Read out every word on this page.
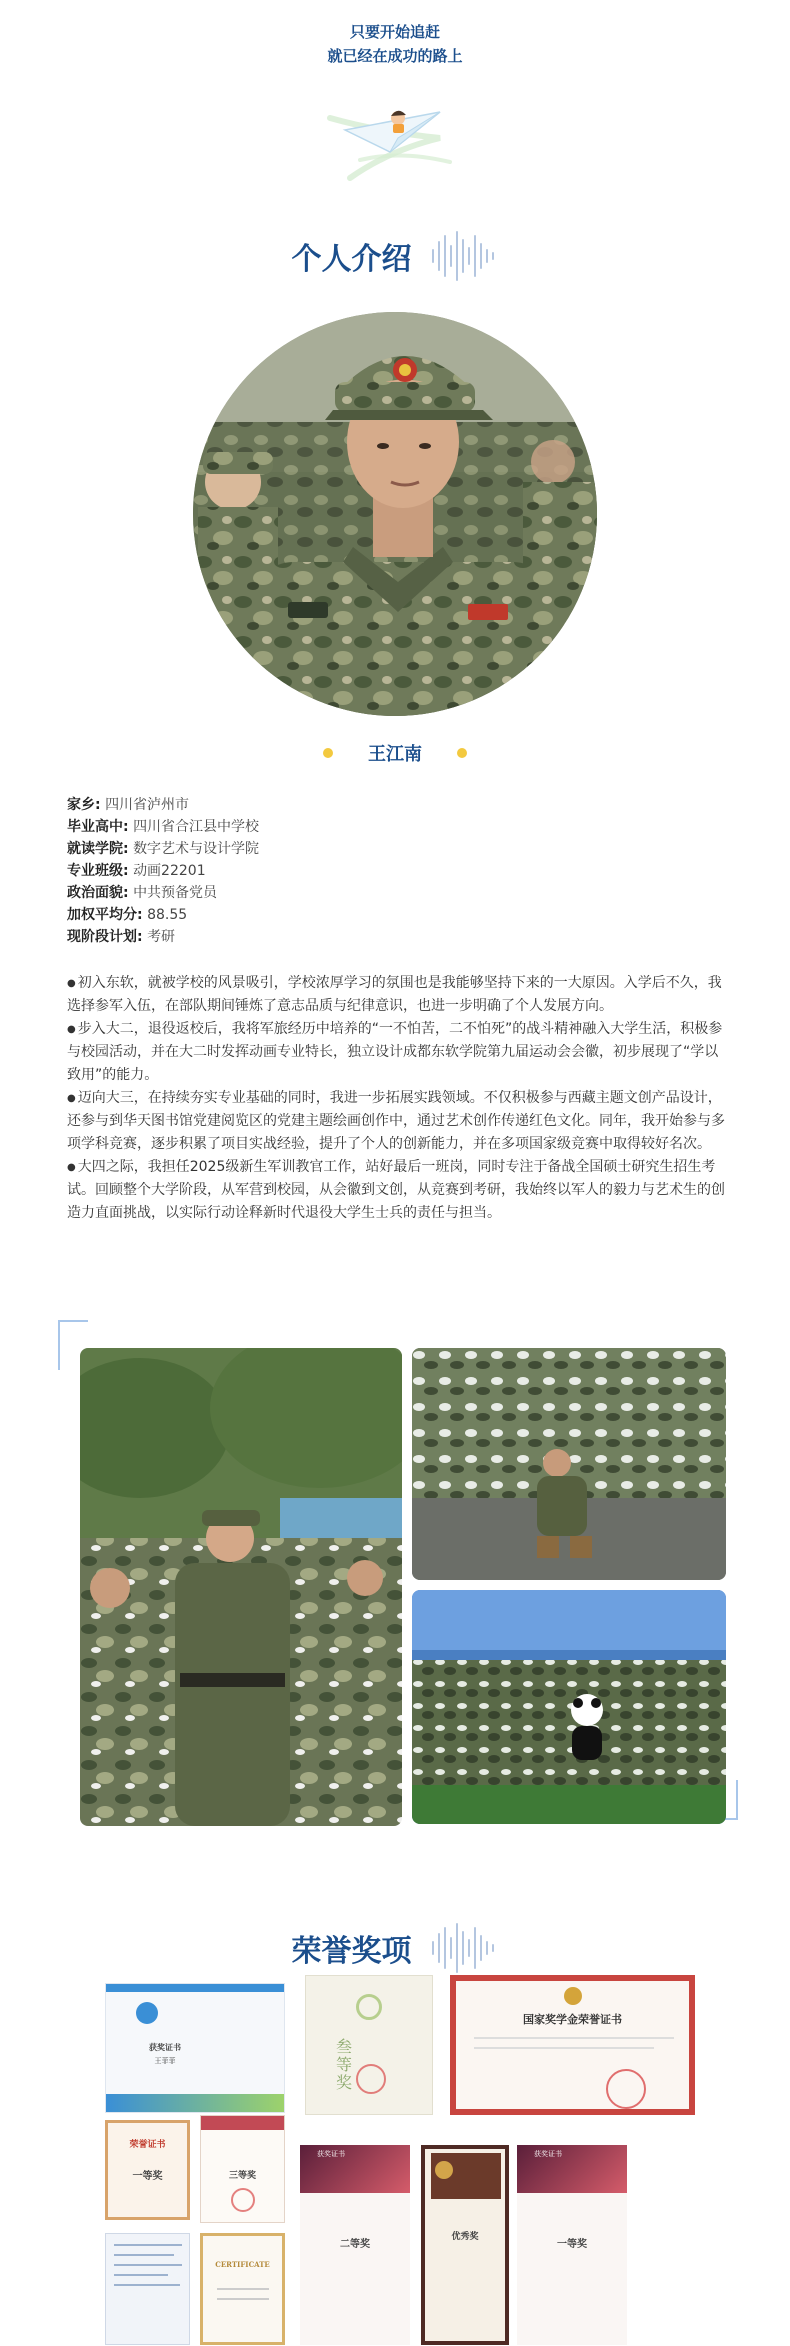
只要开始追赶
就已经在成功的路上
个人介绍
王江南
家乡: 四川省泸州市
毕业高中: 四川省合江县中学校
就读学院: 数字艺术与设计学院
专业班级: 动画22201
政治面貌: 中共预备党员
加权平均分: 88.55
现阶段计划: 考研

● 初入东软，就被学校的风景吸引，学校浓厚学习的氛围也是我能够坚持下来的一大原因。入学后不久，我选择参军入伍，在部队期间锤炼了意志品质与纪律意识，也进一步明确了个人发展方向。

● 步入大二，退役返校后，我将军旅经历中培养的“一不怕苦，二不怕死”的战斗精神融入大学生活，积极参与校园活动，并在大二时发挥动画专业特长，独立设计成都东软学院第九届运动会会徽，初步展现了“学以致用”的能力。

● 迈向大三，在持续夯实专业基础的同时，我进一步拓展实践领域。不仅积极参与西藏主题文创产品设计，还参与到华天图书馆党建阅览区的党建主题绘画创作中，通过艺术创作传递红色文化。同年，我开始参与多项学科竞赛，逐步积累了项目实战经验，提升了个人的创新能力，并在多项国家级竞赛中取得较好名次。

● 大四之际，我担任2025级新生军训教官工作，站好最后一班岗，同时专注于备战全国硕士研究生招生考试。回顾整个大学阶段，从军营到校园，从会徽到文创，从竞赛到考研，我始终以军人的毅力与艺术生的创造力直面挑战，以实际行动诠释新时代退役大学生士兵的责任与担当。

荣誉奖项
获奖证书
王菲菲
叁等奖
国家奖学金荣誉证书
荣誉证书
一等奖	三等奖
获奖证书
二等奖
优秀奖
获奖证书
一等奖
CERTIFICATE
